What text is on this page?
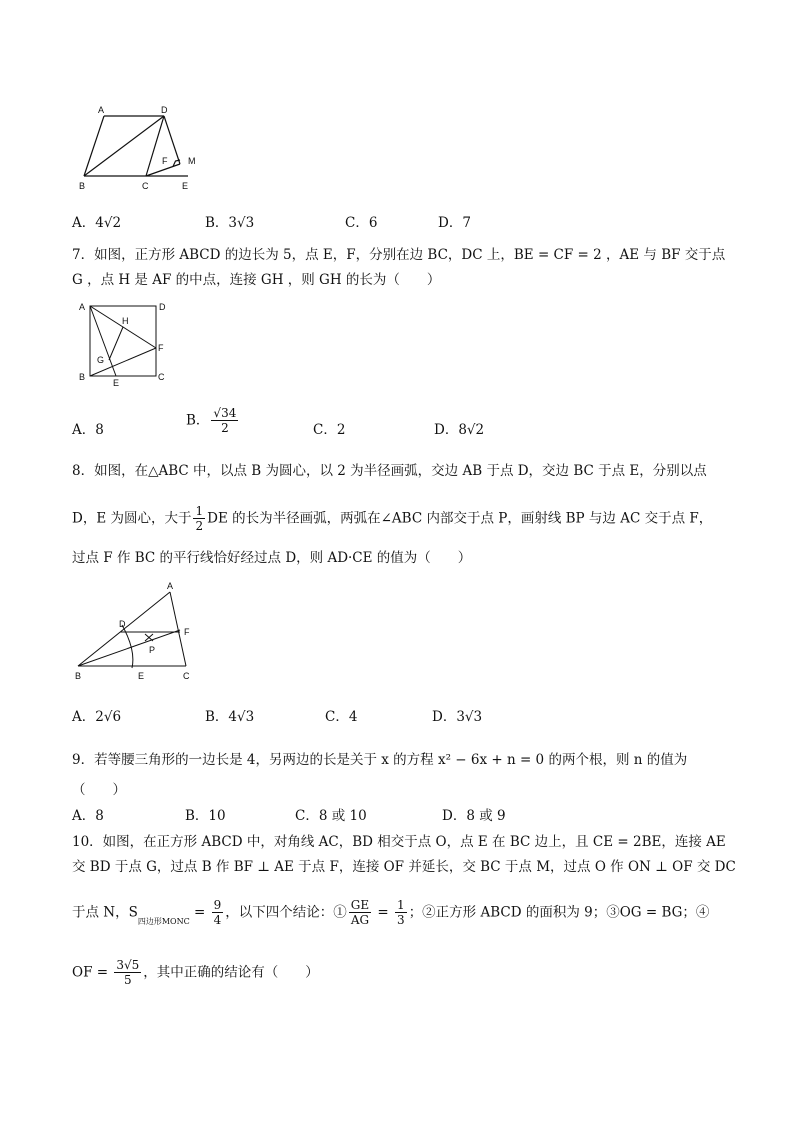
A	D
F M
B	C	E
A．4√2	B．3√3	C．6	D．7
7．如图，正方形 ABCD 的边长为 5，点 E，F，分别在边 BC，DC 上，BE = CF = 2 ，AE 与 BF 交于点
G ，点 H 是 AF 的中点，连接 GH ，则 GH 的长为（　　）
A	D
H
F
G
B
E
C
A．8
B． $\frac{√34}{2}$	C．2	D．8√2
8．如图，在△ABC 中，以点 B 为圆心，以 2 为半径画弧，交边 AB 于点 D，交边 BC 于点 E，分别以点
D，E 为圆心，大于 $\frac{1}{2}$ DE 的长为半径画弧，两弧在∠ABC 内部交于点 P，画射线 BP 与边 AC 交于点 F，
过点 F 作 BC 的平行线恰好经过点 D，则 AD·CE 的值为（　　）
A
D
F
P
B	E	C
A．2√6	B．4√3	C．4	D．3√3
9．若等腰三角形的一边长是 4，另两边的长是关于 x 的方程 x² − 6x + n = 0 的两个根，则 n 的值为
（　　）
A．8	B．10	C．8 或 10	D．8 或 9
10．如图，在正方形 ABCD 中，对角线 AC，BD 相交于点 O，点 E 在 BC 边上，且 CE = 2BE，连接 AE
交 BD 于点 G，过点 B 作 BF ⊥ AE 于点 F，连接 OF 并延长，交 BC 于点 M，过点 O 作 ON ⊥ OF 交 DC
于点 N，$S_{四边形MONC} = \frac{9}{4}$ ，以下四个结论：① $\frac{GE}{AG} = \frac{1}{3}$ ；②正方形 ABCD 的面积为 9；③OG = BG；④
OF = $\frac{3√5}{5}$ ，其中正确的结论有（　　）
